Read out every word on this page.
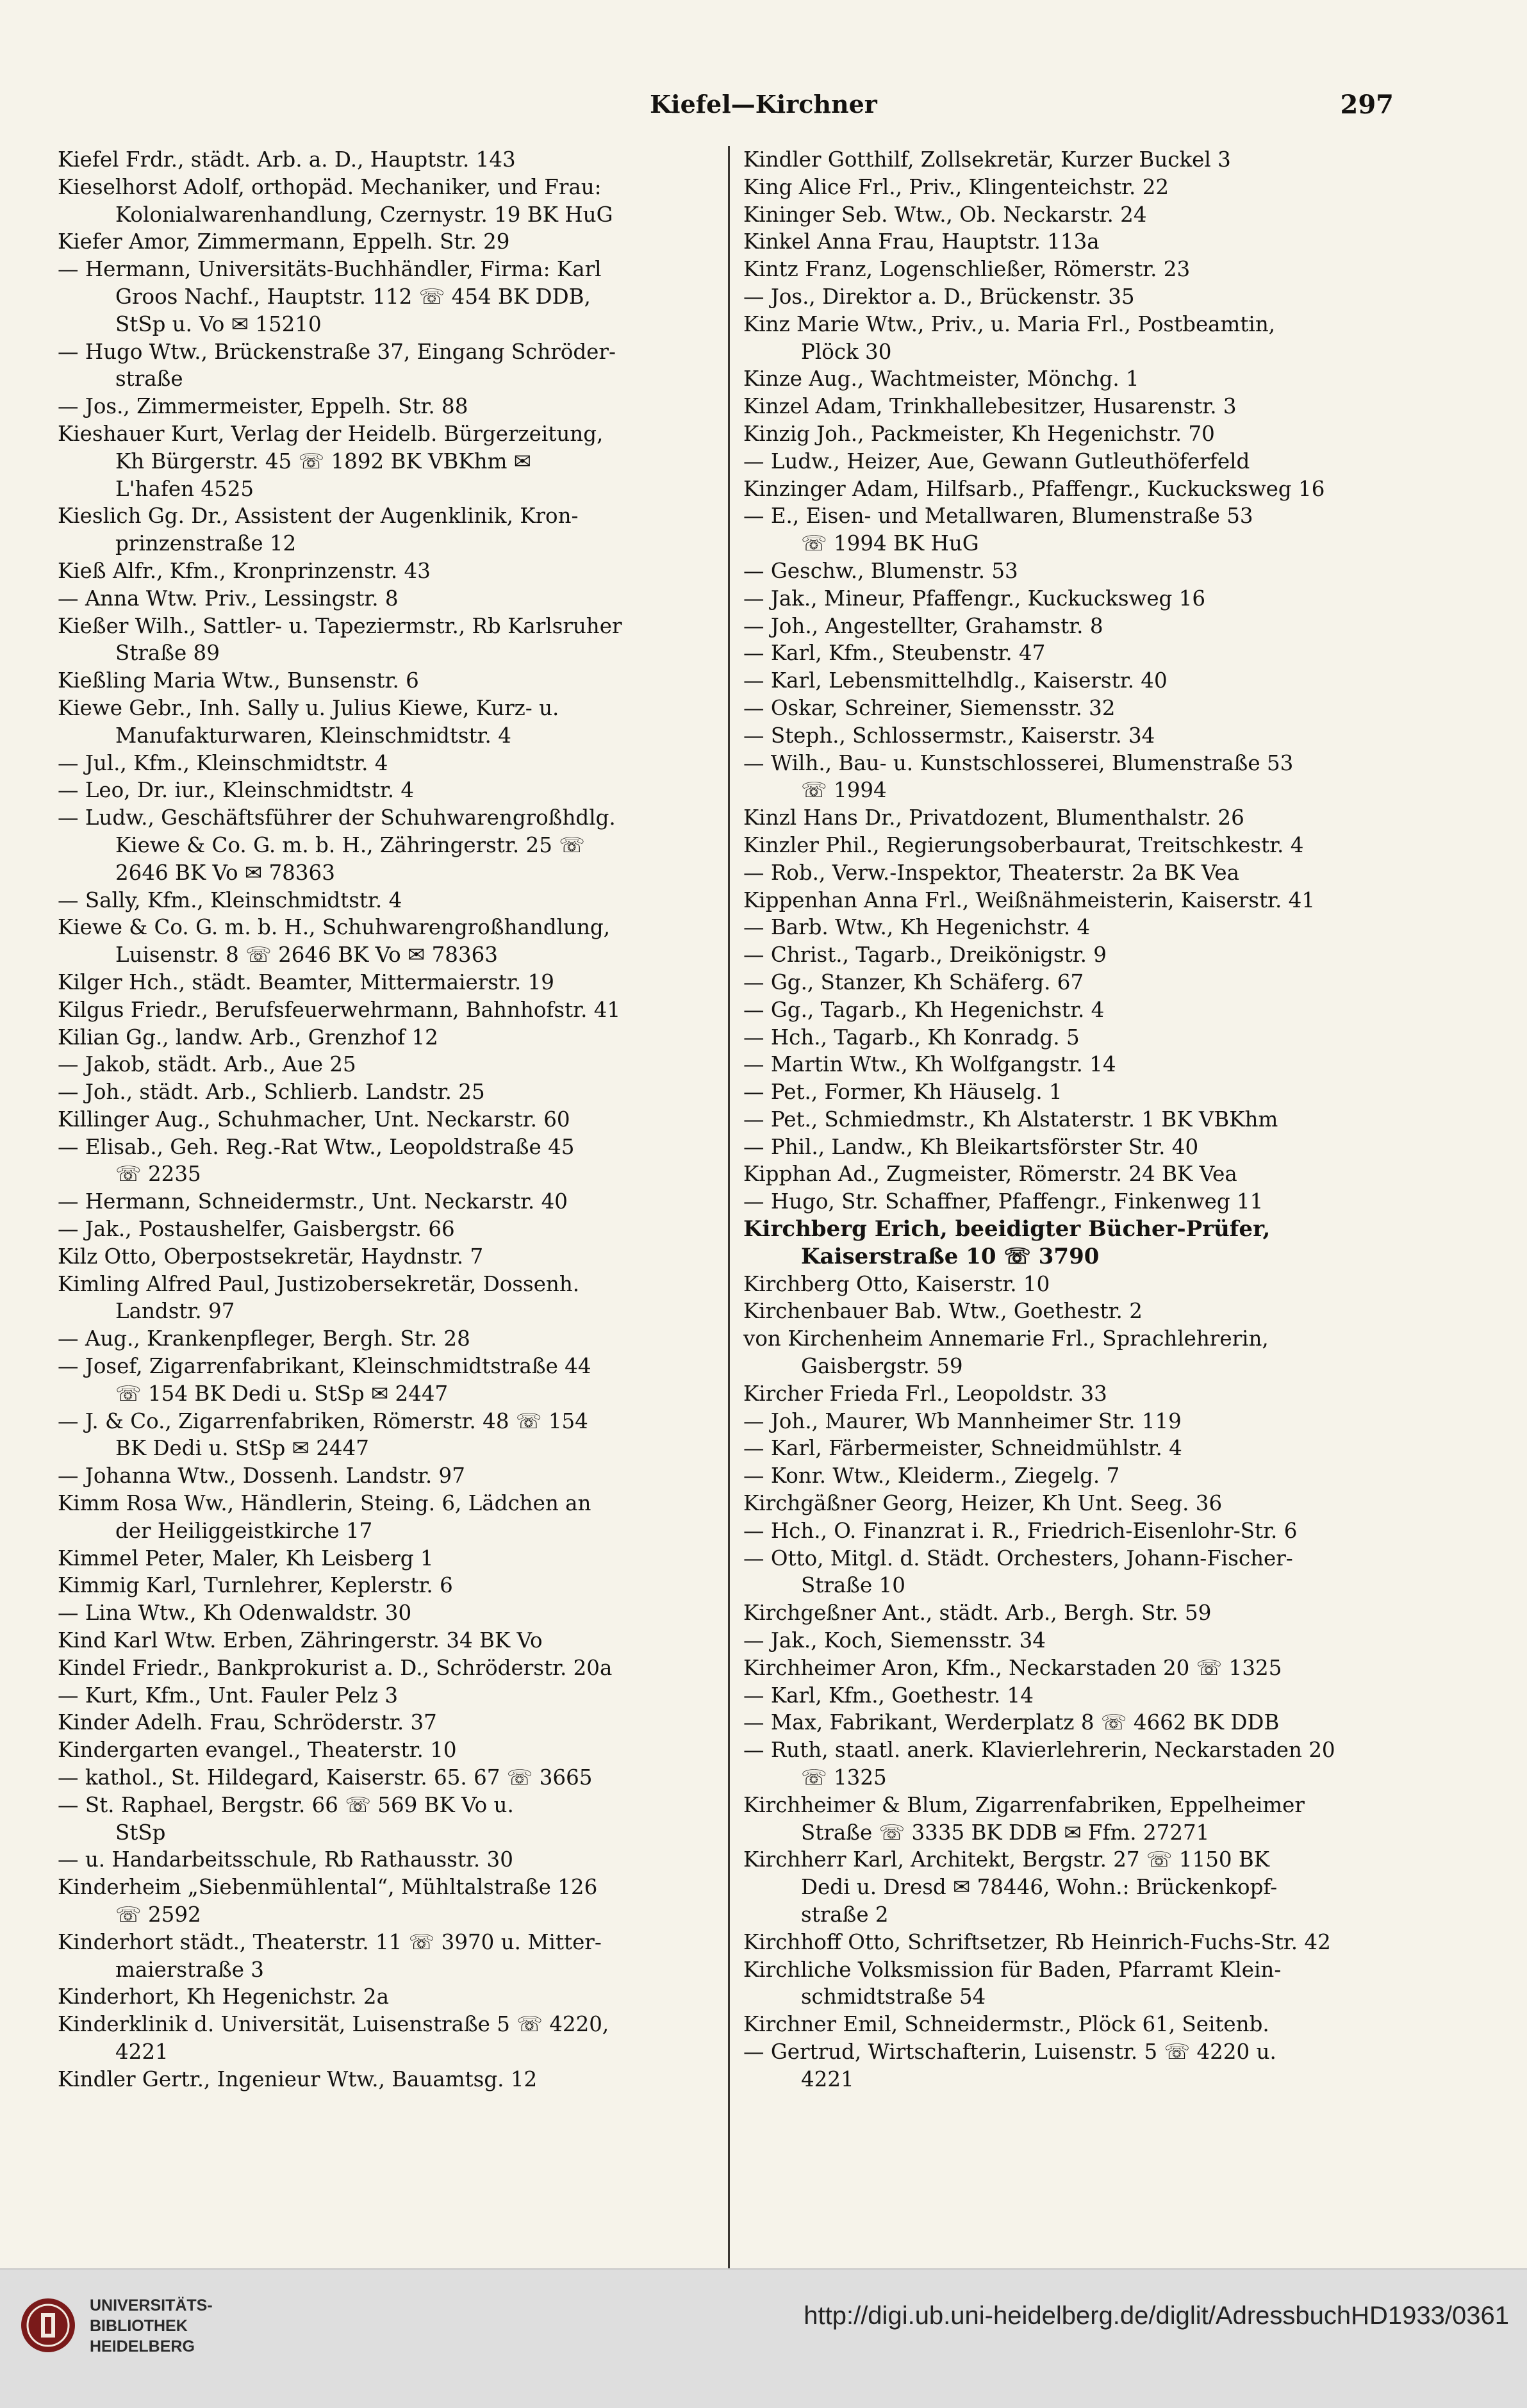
Kiefel—Kirchner	297
Kiefel Frdr., städt. Arb. a. D., Hauptstr. 143
Kieselhorst Adolf, orthopäd. Mechaniker, und Frau:
Kolonialwarenhandlung, Czernystr. 19 BK HuG
Kiefer Amor, Zimmermann, Eppelh. Str. 29
— Hermann, Universitäts-Buchhändler, Firma: Karl
Groos Nachf., Hauptstr. 112 ☏ 454 BK DDB,
StSp u. Vo ✉ 15210
— Hugo Wtw., Brückenstraße 37, Eingang Schröder-
straße
— Jos., Zimmermeister, Eppelh. Str. 88
Kieshauer Kurt, Verlag der Heidelb. Bürgerzeitung,
Kh Bürgerstr. 45 ☏ 1892 BK VBKhm ✉
L'hafen 4525
Kieslich Gg. Dr., Assistent der Augenklinik, Kron-
prinzenstraße 12
Kieß Alfr., Kfm., Kronprinzenstr. 43
— Anna Wtw. Priv., Lessingstr. 8
Kießer Wilh., Sattler- u. Tapeziermstr., Rb Karlsruher
Straße 89
Kießling Maria Wtw., Bunsenstr. 6
Kiewe Gebr., Inh. Sally u. Julius Kiewe, Kurz- u.
Manufakturwaren, Kleinschmidtstr. 4
— Jul., Kfm., Kleinschmidtstr. 4
— Leo, Dr. iur., Kleinschmidtstr. 4
— Ludw., Geschäftsführer der Schuhwarengroßhdlg.
Kiewe & Co. G. m. b. H., Zähringerstr. 25 ☏
2646 BK Vo ✉ 78363
— Sally, Kfm., Kleinschmidtstr. 4
Kiewe & Co. G. m. b. H., Schuhwarengroßhandlung,
Luisenstr. 8 ☏ 2646 BK Vo ✉ 78363
Kilger Hch., städt. Beamter, Mittermaierstr. 19
Kilgus Friedr., Berufsfeuerwehrmann, Bahnhofstr. 41
Kilian Gg., landw. Arb., Grenzhof 12
— Jakob, städt. Arb., Aue 25
— Joh., städt. Arb., Schlierb. Landstr. 25
Killinger Aug., Schuhmacher, Unt. Neckarstr. 60
— Elisab., Geh. Reg.-Rat Wtw., Leopoldstraße 45
☏ 2235
— Hermann, Schneidermstr., Unt. Neckarstr. 40
— Jak., Postaushelfer, Gaisbergstr. 66
Kilz Otto, Oberpostsekretär, Haydnstr. 7
Kimling Alfred Paul, Justizobersekretär, Dossenh.
Landstr. 97
— Aug., Krankenpfleger, Bergh. Str. 28
— Josef, Zigarrenfabrikant, Kleinschmidtstraße 44
☏ 154 BK Dedi u. StSp ✉ 2447
— J. & Co., Zigarrenfabriken, Römerstr. 48 ☏ 154
BK Dedi u. StSp ✉ 2447
— Johanna Wtw., Dossenh. Landstr. 97
Kimm Rosa Ww., Händlerin, Steing. 6, Lädchen an
der Heiliggeistkirche 17
Kimmel Peter, Maler, Kh Leisberg 1
Kimmig Karl, Turnlehrer, Keplerstr. 6
— Lina Wtw., Kh Odenwaldstr. 30
Kind Karl Wtw. Erben, Zähringerstr. 34 BK Vo
Kindel Friedr., Bankprokurist a. D., Schröderstr. 20a
— Kurt, Kfm., Unt. Fauler Pelz 3
Kinder Adelh. Frau, Schröderstr. 37
Kindergarten evangel., Theaterstr. 10
— kathol., St. Hildegard, Kaiserstr. 65. 67 ☏ 3665
— St. Raphael, Bergstr. 66 ☏ 569 BK Vo u.
StSp
— u. Handarbeitsschule, Rb Rathausstr. 30
Kinderheim „Siebenmühlental“, Mühltalstraße 126
☏ 2592
Kinderhort städt., Theaterstr. 11 ☏ 3970 u. Mitter-
maierstraße 3
Kinderhort, Kh Hegenichstr. 2a
Kinderklinik d. Universität, Luisenstraße 5 ☏ 4220,
4221
Kindler Gertr., Ingenieur Wtw., Bauamtsg. 12
Kindler Gotthilf, Zollsekretär, Kurzer Buckel 3
King Alice Frl., Priv., Klingenteichstr. 22
Kininger Seb. Wtw., Ob. Neckarstr. 24
Kinkel Anna Frau, Hauptstr. 113a
Kintz Franz, Logenschließer, Römerstr. 23
— Jos., Direktor a. D., Brückenstr. 35
Kinz Marie Wtw., Priv., u. Maria Frl., Postbeamtin,
Plöck 30
Kinze Aug., Wachtmeister, Mönchg. 1
Kinzel Adam, Trinkhallebesitzer, Husarenstr. 3
Kinzig Joh., Packmeister, Kh Hegenichstr. 70
— Ludw., Heizer, Aue, Gewann Gutleuthöferfeld
Kinzinger Adam, Hilfsarb., Pfaffengr., Kuckucksweg 16
— E., Eisen- und Metallwaren, Blumenstraße 53
☏ 1994 BK HuG
— Geschw., Blumenstr. 53
— Jak., Mineur, Pfaffengr., Kuckucksweg 16
— Joh., Angestellter, Grahamstr. 8
— Karl, Kfm., Steubenstr. 47
— Karl, Lebensmittelhdlg., Kaiserstr. 40
— Oskar, Schreiner, Siemensstr. 32
— Steph., Schlossermstr., Kaiserstr. 34
— Wilh., Bau- u. Kunstschlosserei, Blumenstraße 53
☏ 1994
Kinzl Hans Dr., Privatdozent, Blumenthalstr. 26
Kinzler Phil., Regierungsoberbaurat, Treitschkestr. 4
— Rob., Verw.-Inspektor, Theaterstr. 2a BK Vea
Kippenhan Anna Frl., Weißnähmeisterin, Kaiserstr. 41
— Barb. Wtw., Kh Hegenichstr. 4
— Christ., Tagarb., Dreikönigstr. 9
— Gg., Stanzer, Kh Schäferg. 67
— Gg., Tagarb., Kh Hegenichstr. 4
— Hch., Tagarb., Kh Konradg. 5
— Martin Wtw., Kh Wolfgangstr. 14
— Pet., Former, Kh Häuselg. 1
— Pet., Schmiedmstr., Kh Alstaterstr. 1 BK VBKhm
— Phil., Landw., Kh Bleikartsförster Str. 40
Kipphan Ad., Zugmeister, Römerstr. 24 BK Vea
— Hugo, Str. Schaffner, Pfaffengr., Finkenweg 11
Kirchberg Erich, beeidigter Bücher-Prüfer,
Kaiserstraße 10 ☏ 3790
Kirchberg Otto, Kaiserstr. 10
Kirchenbauer Bab. Wtw., Goethestr. 2
von Kirchenheim Annemarie Frl., Sprachlehrerin,
Gaisbergstr. 59
Kircher Frieda Frl., Leopoldstr. 33
— Joh., Maurer, Wb Mannheimer Str. 119
— Karl, Färbermeister, Schneidmühlstr. 4
— Konr. Wtw., Kleiderm., Ziegelg. 7
Kirchgäßner Georg, Heizer, Kh Unt. Seeg. 36
— Hch., O. Finanzrat i. R., Friedrich-Eisenlohr-Str. 6
— Otto, Mitgl. d. Städt. Orchesters, Johann-Fischer-
Straße 10
Kirchgeßner Ant., städt. Arb., Bergh. Str. 59
— Jak., Koch, Siemensstr. 34
Kirchheimer Aron, Kfm., Neckarstaden 20 ☏ 1325
— Karl, Kfm., Goethestr. 14
— Max, Fabrikant, Werderplatz 8 ☏ 4662 BK DDB
— Ruth, staatl. anerk. Klavierlehrerin, Neckarstaden 20
☏ 1325
Kirchheimer & Blum, Zigarrenfabriken, Eppelheimer
Straße ☏ 3335 BK DDB ✉ Ffm. 27271
Kirchherr Karl, Architekt, Bergstr. 27 ☏ 1150 BK
Dedi u. Dresd ✉ 78446, Wohn.: Brückenkopf-
straße 2
Kirchhoff Otto, Schriftsetzer, Rb Heinrich-Fuchs-Str. 42
Kirchliche Volksmission für Baden, Pfarramt Klein-
schmidtstraße 54
Kirchner Emil, Schneidermstr., Plöck 61, Seitenb.
— Gertrud, Wirtschafterin, Luisenstr. 5 ☏ 4220 u.
4221
UNIVERSITÄTS-
BIBLIOTHEK
HEIDELBERG
http://digi.ub.uni-heidelberg.de/diglit/AdressbuchHD1933/0361
